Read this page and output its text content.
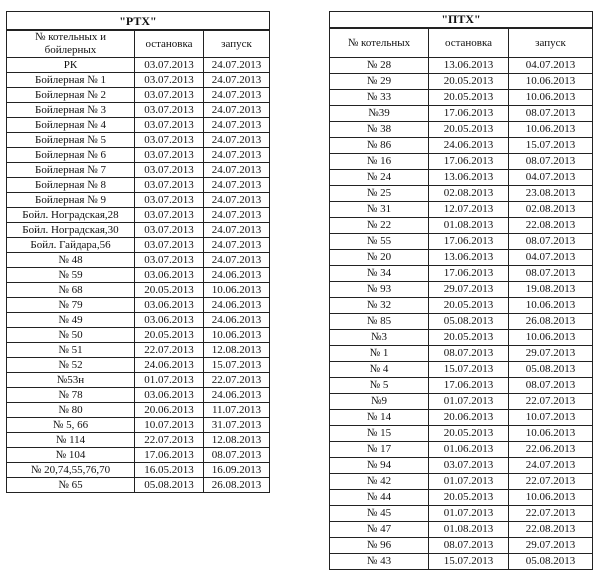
"РТХ"		
№ котельных и бойлерных	остановка	запуск
РК	03.07.2013	24.07.2013
Бойлерная № 1	03.07.2013	24.07.2013
Бойлерная № 2	03.07.2013	24.07.2013
Бойлерная № 3	03.07.2013	24.07.2013
Бойлерная № 4	03.07.2013	24.07.2013
Бойлерная № 5	03.07.2013	24.07.2013
Бойлерная № 6	03.07.2013	24.07.2013
Бойлерная № 7	03.07.2013	24.07.2013
Бойлерная № 8	03.07.2013	24.07.2013
Бойлерная № 9	03.07.2013	24.07.2013
Бойл. Ноградская,28	03.07.2013	24.07.2013
Бойл. Ноградская,30	03.07.2013	24.07.2013
Бойл. Гайдара,56	03.07.2013	24.07.2013
№ 48	03.07.2013	24.07.2013
№ 59	03.06.2013	24.06.2013
№ 68	20.05.2013	10.06.2013
№ 79	03.06.2013	24.06.2013
№ 49	03.06.2013	24.06.2013
№ 50	20.05.2013	10.06.2013
№ 51	22.07.2013	12.08.2013
№ 52	24.06.2013	15.07.2013
№53н	01.07.2013	22.07.2013
№ 78	03.06.2013	24.06.2013
№ 80	20.06.2013	11.07.2013
№ 5, 66	10.07.2013	31.07.2013
№ 114	22.07.2013	12.08.2013
№ 104	17.06.2013	08.07.2013
№ 20,74,55,76,70	16.05.2013	16.09.2013
№ 65	05.08.2013	26.08.2013
"ПТХ"		
№ котельных	остановка	запуск
№ 28	13.06.2013	04.07.2013
№ 29	20.05.2013	10.06.2013
№ 33	20.05.2013	10.06.2013
№39	17.06.2013	08.07.2013
№ 38	20.05.2013	10.06.2013
№ 86	24.06.2013	15.07.2013
№ 16	17.06.2013	08.07.2013
№ 24	13.06.2013	04.07.2013
№ 25	02.08.2013	23.08.2013
№ 31	12.07.2013	02.08.2013
№ 22	01.08.2013	22.08.2013
№ 55	17.06.2013	08.07.2013
№ 20	13.06.2013	04.07.2013
№ 34	17.06.2013	08.07.2013
№ 93	29.07.2013	19.08.2013
№ 32	20.05.2013	10.06.2013
№ 85	05.08.2013	26.08.2013
№3	20.05.2013	10.06.2013
№ 1	08.07.2013	29.07.2013
№ 4	15.07.2013	05.08.2013
№ 5	17.06.2013	08.07.2013
№9	01.07.2013	22.07.2013
№ 14	20.06.2013	10.07.2013
№ 15	20.05.2013	10.06.2013
№ 17	01.06.2013	22.06.2013
№ 94	03.07.2013	24.07.2013
№ 42	01.07.2013	22.07.2013
№ 44	20.05.2013	10.06.2013
№ 45	01.07.2013	22.07.2013
№ 47	01.08.2013	22.08.2013
№ 96	08.07.2013	29.07.2013
№ 43	15.07.2013	05.08.2013
